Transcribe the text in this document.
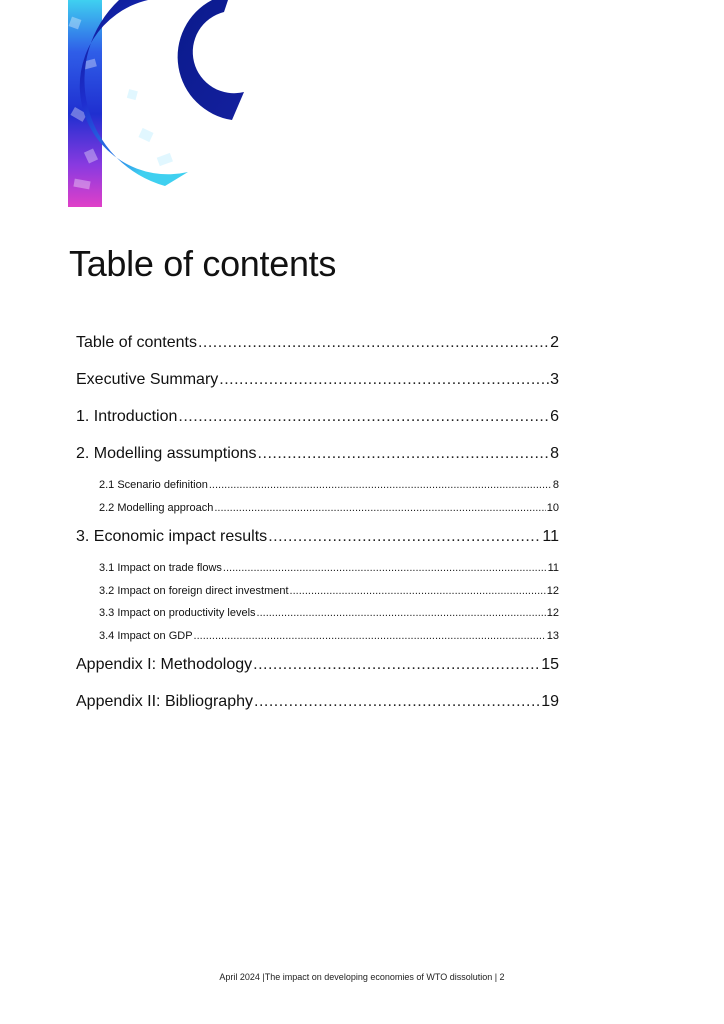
Table of contents
Table of contents .....	2
Executive Summary .....	3
1. Introduction .....	6
2. Modelling assumptions .....	8
2.1 Scenario definition .....	8
2.2 Modelling approach .....	10
3. Economic impact results .....	11
3.1 Impact on trade flows .....	11
3.2 Impact on foreign direct investment .....	12
3.3 Impact on productivity levels .....	12
3.4 Impact on GDP .....	13
Appendix I: Methodology .....	15
Appendix II: Bibliography .....	19
April 2024 |The impact on developing economies of WTO dissolution | 2
